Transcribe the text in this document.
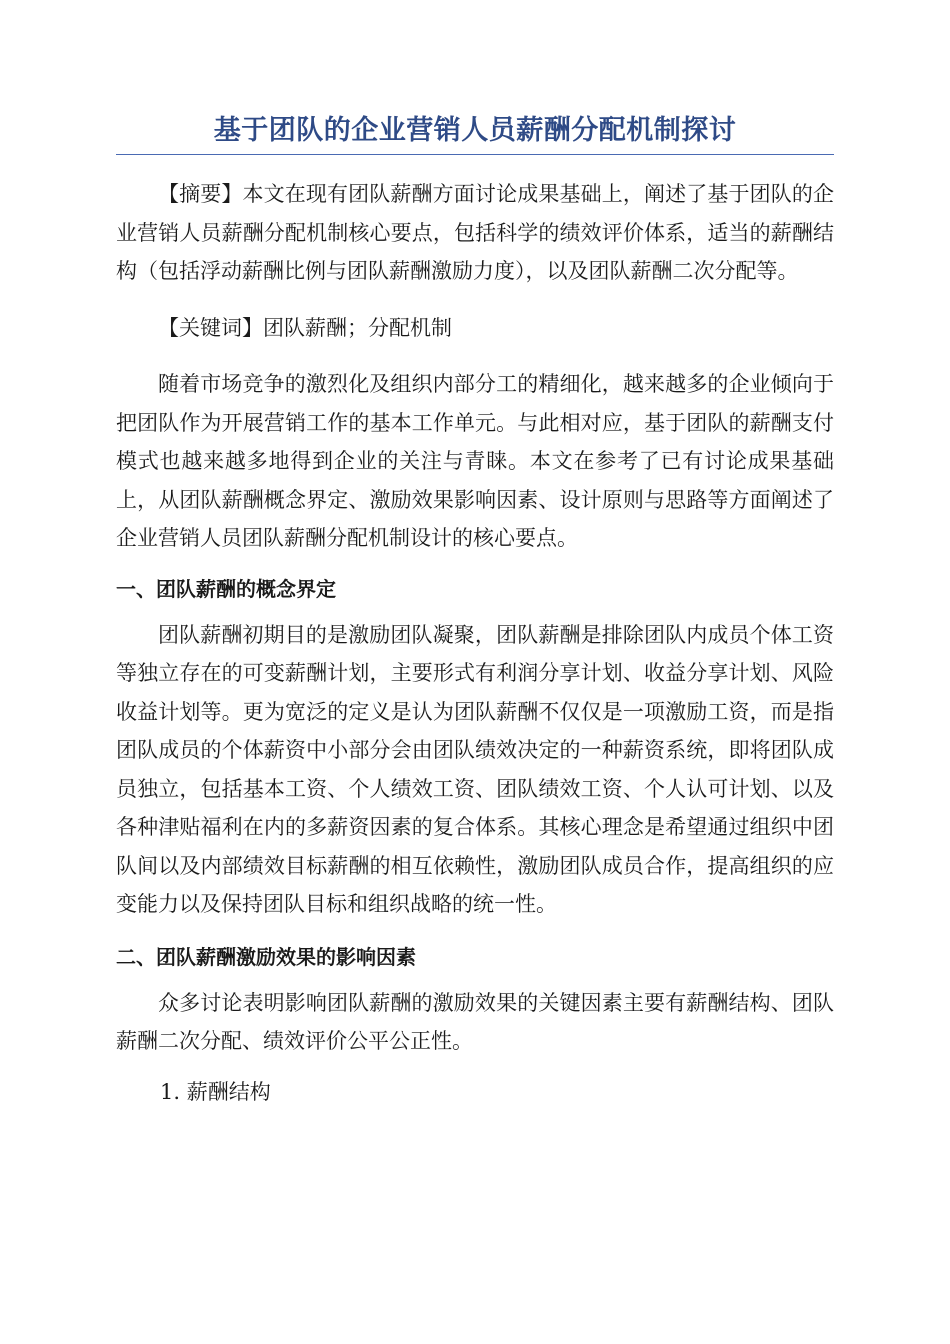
基于团队的企业营销人员薪酬分配机制探讨

【摘要】本文在现有团队薪酬方面讨论成果基础上，阐述了基于团队的企业营销人员薪酬分配机制核心要点，包括科学的绩效评价体系，适当的薪酬结构（包括浮动薪酬比例与团队薪酬激励力度），以及团队薪酬二次分配等。

【关键词】团队薪酬；分配机制

随着市场竞争的激烈化及组织内部分工的精细化，越来越多的企业倾向于把团队作为开展营销工作的基本工作单元。与此相对应，基于团队的薪酬支付模式也越来越多地得到企业的关注与青睐。本文在参考了已有讨论成果基础上，从团队薪酬概念界定、激励效果影响因素、设计原则与思路等方面阐述了企业营销人员团队薪酬分配机制设计的核心要点。

一、团队薪酬的概念界定

团队薪酬初期目的是激励团队凝聚，团队薪酬是排除团队内成员个体工资等独立存在的可变薪酬计划，主要形式有利润分享计划、收益分享计划、风险收益计划等。更为宽泛的定义是认为团队薪酬不仅仅是一项激励工资，而是指团队成员的个体薪资中小部分会由团队绩效决定的一种薪资系统，即将团队成员独立，包括基本工资、个人绩效工资、团队绩效工资、个人认可计划、以及各种津贴福利在内的多薪资因素的复合体系。其核心理念是希望通过组织中团队间以及内部绩效目标薪酬的相互依赖性，激励团队成员合作，提高组织的应变能力以及保持团队目标和组织战略的统一性。

二、团队薪酬激励效果的影响因素

众多讨论表明影响团队薪酬的激励效果的关键因素主要有薪酬结构、团队薪酬二次分配、绩效评价公平公正性。

1. 薪酬结构
